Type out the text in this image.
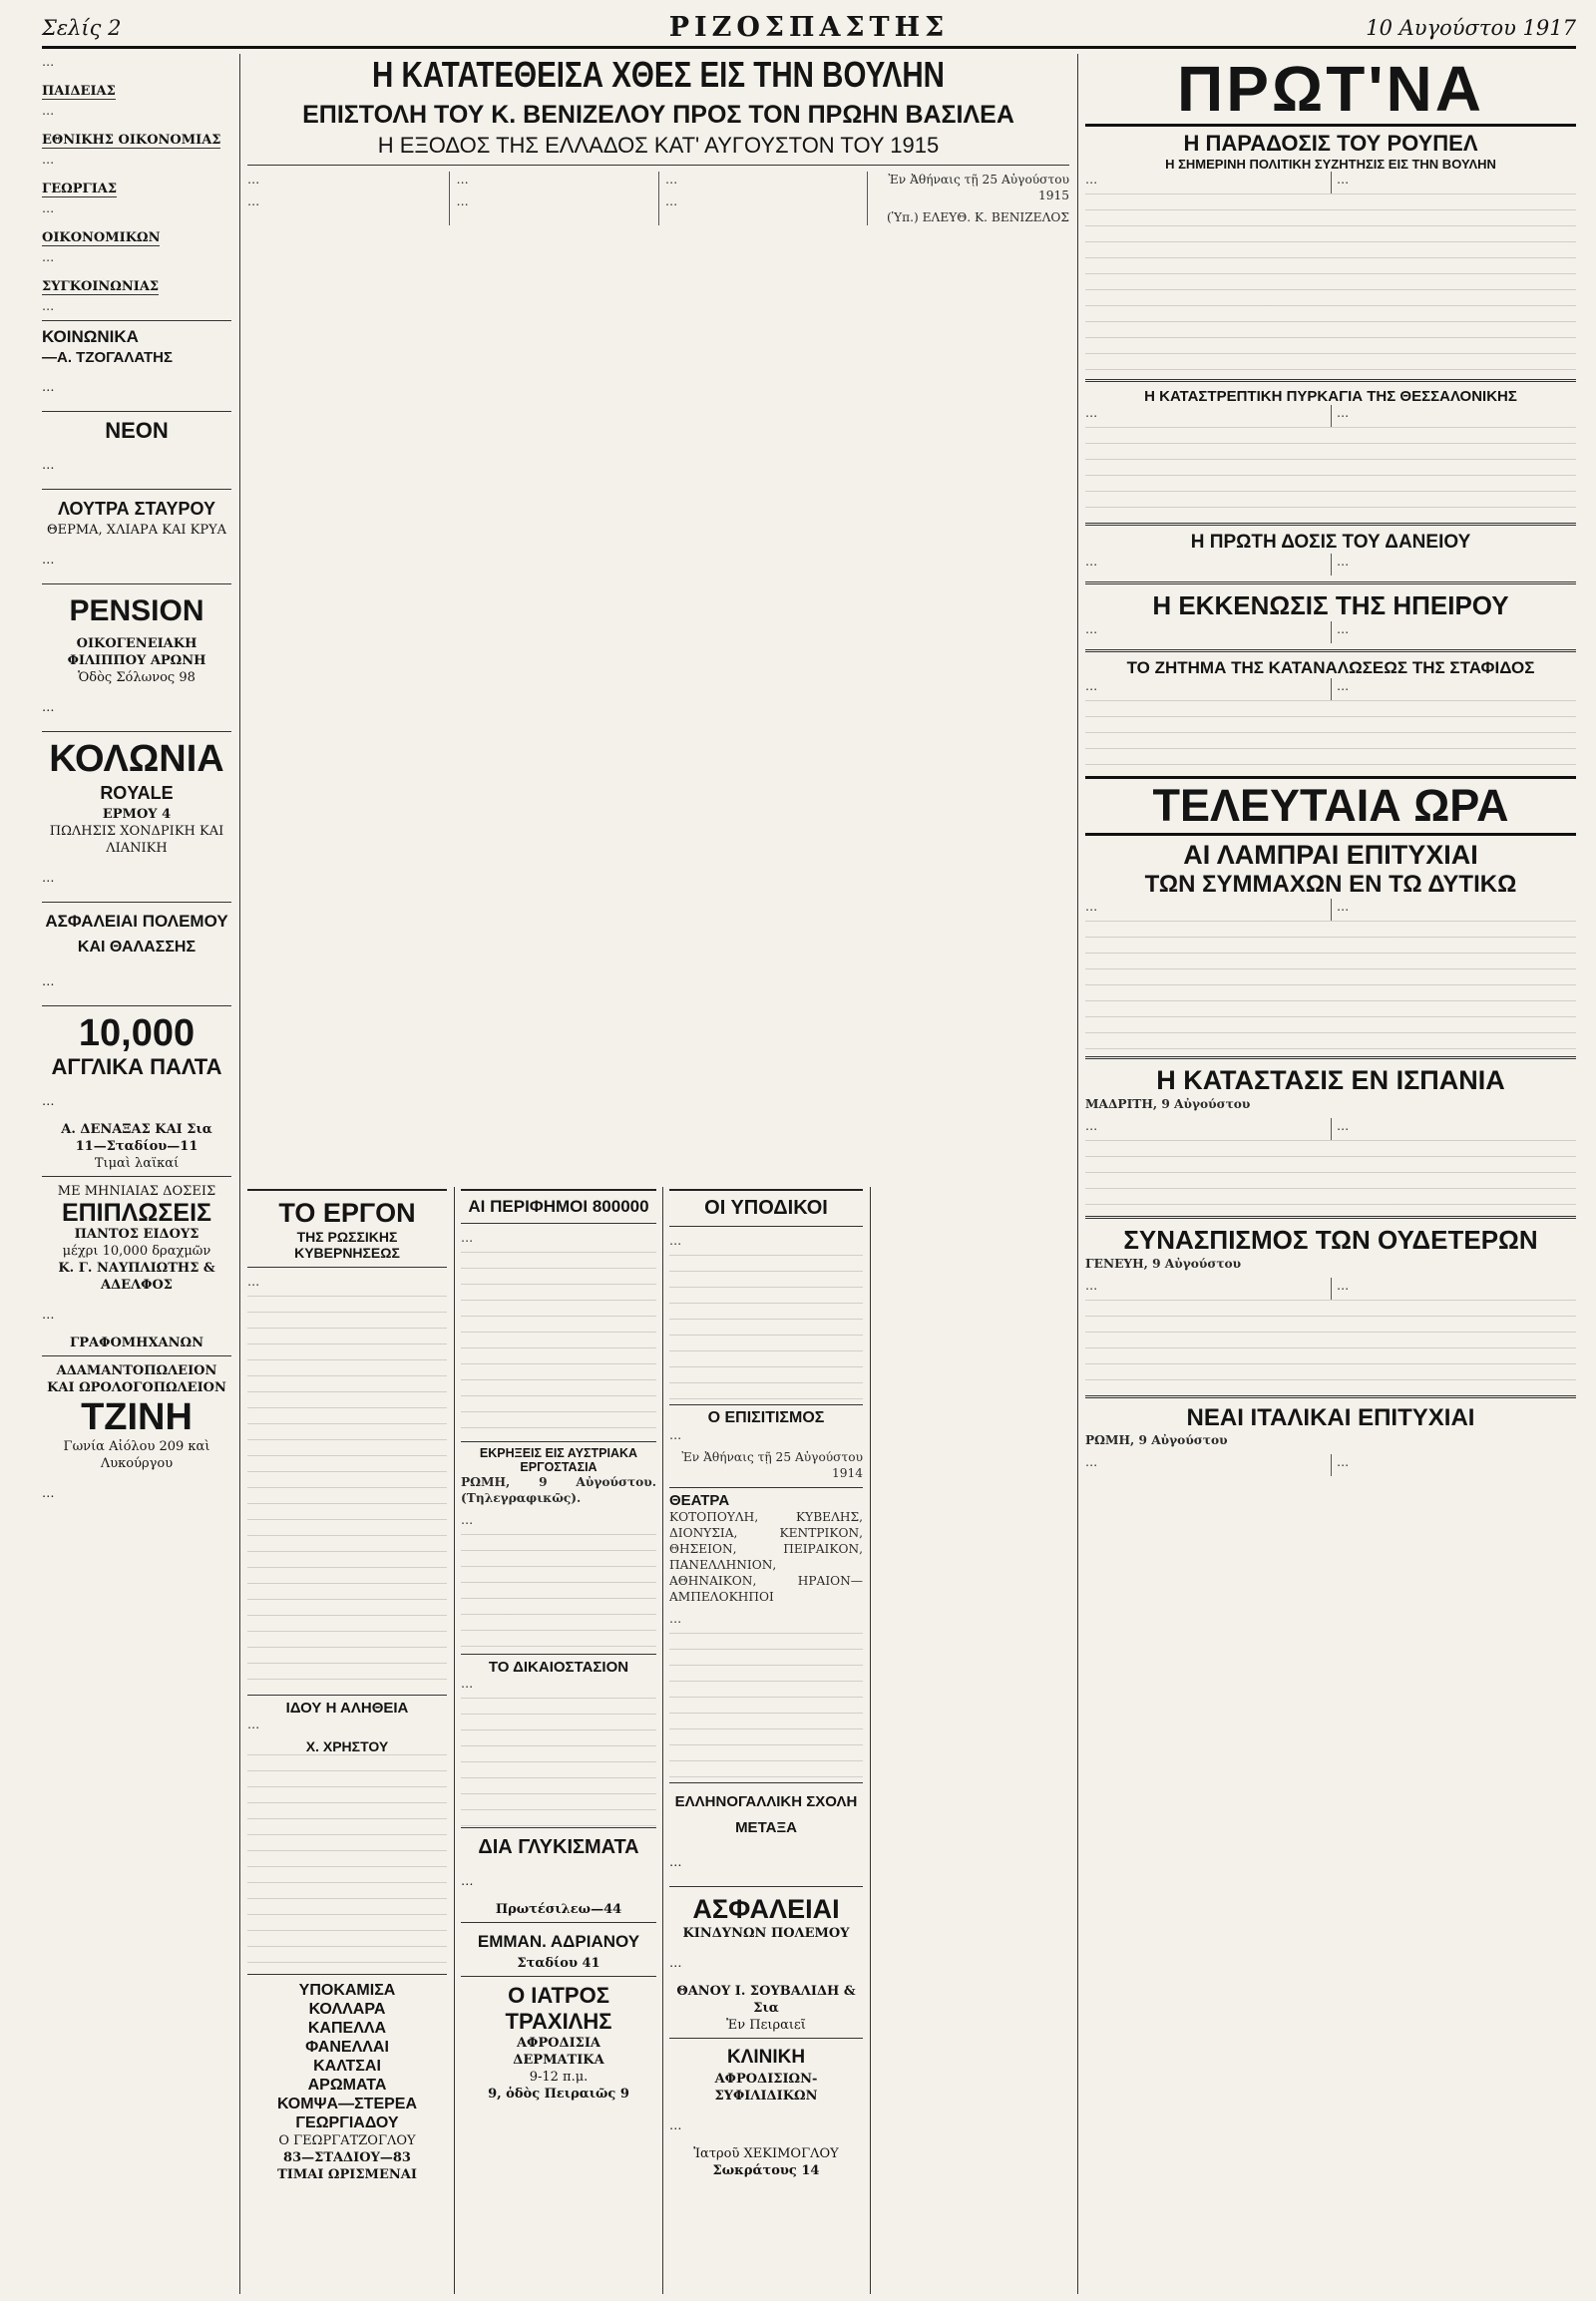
Σελίς 2	ΡΙΖΟΣΠΑΣΤΗΣ	10 Αυγούστου 1917

…

ΠΑΙΔΕΙΑΣ

…

ΕΘΝΙΚΗΣ ΟΙΚΟΝΟΜΙΑΣ

…

ΓΕΩΡΓΙΑΣ

…

ΟΙΚΟΝΟΜΙΚΩΝ

…

ΣΥΓΚΟΙΝΩΝΙΑΣ

…

ΚΟΙΝΩΝΙΚΑ
—Α. ΤΖΟΓΑΛΑΤΗΣ

…

ΝΕΟΝ

…

ΛΟΥΤΡΑ ΣΤΑΥΡΟΥ
ΘΕΡΜΑ, ΧΛΙΑΡΑ ΚΑΙ ΚΡΥΑ

…

PENSION ΟΙΚΟΓΕΝΕΙΑΚΗ
ΦΙΛΙΠΠΟΥ ΑΡΩΝΗ
Ὁδὸς Σόλωνος 98

…

ΚΟΛΩΝΙΑ
ROYALE
ΕΡΜΟΥ 4
ΠΩΛΗΣΙΣ ΧΟΝΔΡΙΚΗ ΚΑΙ ΛΙΑΝΙΚΗ

…

ΑΣΦΑΛΕΙΑΙ ΠΟΛΕΜΟΥ
ΚΑΙ ΘΑΛΑΣΣΗΣ

…

10,000
ΑΓΓΛΙΚΑ ΠΑΛΤΑ

…

Α. ΔΕΝΑΞΑΣ ΚΑΙ Σια
11—Σταδίου—11
Τιμαὶ λαϊκαί
ΜΕ ΜΗΝΙΑΙΑΣ ΔΟΣΕΙΣ
ΕΠΙΠΛΩΣΕΙΣ
ΠΑΝΤΟΣ ΕΙΔΟΥΣ
μέχρι 10,000 δραχμῶν
Κ. Γ. ΝΑΥΠΛΙΩΤΗΣ & ΑΔΕΛΦΟΣ

…

ΓΡΑΦΟΜΗΧΑΝΩΝ
ΑΔΑΜΑΝΤΟΠΩΛΕΙΟΝ
ΚΑΙ ΩΡΟΛΟΓΟΠΩΛΕΙΟΝ
ΤΖΙΝΗ
Γωνία Αἰόλου 209 καὶ Λυκούργου

…

Η ΚΑΤΑΤΕΘΕΙΣΑ ΧΘΕΣ ΕΙΣ ΤΗΝ ΒΟΥΛΗΝ
ΕΠΙΣΤΟΛΗ ΤΟΥ Κ. ΒΕΝΙΖΕΛΟΥ ΠΡΟΣ ΤΟΝ ΠΡΩΗΝ ΒΑΣΙΛΕΑ
Η ΕΞΟΔΟΣ ΤΗΣ ΕΛΛΑΔΟΣ ΚΑΤ' ΑΥΓΟΥΣΤΟΝ ΤΟΥ 1915

…

…

…

…

…

…

Ἐν Ἀθήναις τῇ 25 Αὐγούστου 1915

(Ὑπ.) ΕΛΕΥΘ. Κ. ΒΕΝΙΖΕΛΟΣ

ΤΟ ΕΡΓΟΝ
ΤΗΣ ΡΩΣΣΙΚΗΣ ΚΥΒΕΡΝΗΣΕΩΣ

…

ΙΔΟΥ Η ΑΛΗΘΕΙΑ

…

Χ. ΧΡΗΣΤΟΥ
ΥΠΟΚΑΜΙΣΑ
ΚΟΛΛΑΡΑ
ΚΑΠΕΛΛΑ
ΦΑΝΕΛΛΑΙ
ΚΑΛΤΣΑΙ
ΑΡΩΜΑΤΑ
ΚΟΜΨΑ—ΣΤΕΡΕΑ
ΓΕΩΡΓΙΑΔΟΥ
Ο ΓΕΩΡΓΑΤΖΟΓΛΟΥ
83—ΣΤΑΔΙΟΥ—83
ΤΙΜΑΙ ΩΡΙΣΜΕΝΑΙ
ΑΙ ΠΕΡΙΦΗΜΟΙ 800000

…

ΕΚΡΗΞΕΙΣ ΕΙΣ ΑΥΣΤΡΙΑΚΑ ΕΡΓΟΣΤΑΣΙΑ
ΡΩΜΗ, 9 Αὐγούστου. (Τηλεγραφικῶς).

…

ΤΟ ΔΙΚΑΙΟΣΤΑΣΙΟΝ

…

ΔΙΑ ΓΛΥΚΙΣΜΑΤΑ

…

Πρωτέσιλεω—44
ΕΜΜΑΝ. ΑΔΡΙΑΝΟΥ
Σταδίου 41
Ο ΙΑΤΡΟΣ ΤΡΑΧΙΛΗΣ
ΑΦΡΟΔΙΣΙΑ
ΔΕΡΜΑΤΙΚΑ
9-12 π.μ.
9, ὁδὸς Πειραιῶς 9
ΟΙ ΥΠΟΔΙΚΟΙ

…

Ο ΕΠΙΣΙΤΙΣΜΟΣ

…

Ἐν Ἀθήναις τῇ 25 Αὐγούστου 1914
ΘΕΑΤΡΑ

ΚΟΤΟΠΟΥΛΗ, ΚΥΒΕΛΗΣ, ΔΙΟΝΥΣΙΑ, ΚΕΝΤΡΙΚΟΝ, ΘΗΣΕΙΟΝ, ΠΕΙΡΑΙΚΟΝ, ΠΑΝΕΛΛΗΝΙΟΝ, ΑΘΗΝΑΙΚΟΝ, ΗΡΑΙΟΝ—ΑΜΠΕΛΟΚΗΠΟΙ

…

ΕΛΛΗΝΟΓΑΛΛΙΚΗ ΣΧΟΛΗ
ΜΕΤΑΞΑ

…

ΑΣΦΑΛΕΙΑΙ
ΚΙΝΔΥΝΩΝ ΠΟΛΕΜΟΥ

…

ΘΑΝΟΥ Ι. ΣΟΥΒΑΛΙΔΗ & Σια
Ἐν Πειραιεῖ
ΚΛΙΝΙΚΗ
ΑΦΡΟΔΙΣΙΩΝ-ΣΥΦΙΛΙΔΙΚΩΝ

…

Ἰατροῦ ΧΕΚΙΜΟΓΛΟΥ
Σωκράτους 14
ΠΡΩΤ'ΝΑ
Η ΠΑΡΑΔΟΣΙΣ ΤΟΥ ΡΟΥΠΕΛ
Η ΣΗΜΕΡΙΝΗ ΠΟΛΙΤΙΚΗ ΣΥΖΗΤΗΣΙΣ ΕΙΣ ΤΗΝ ΒΟΥΛΗΝ

…	…

Η ΚΑΤΑΣΤΡΕΠΤΙΚΗ ΠΥΡΚΑΓΙΑ ΤΗΣ ΘΕΣΣΑΛΟΝΙΚΗΣ

…	…

Η ΠΡΩΤΗ ΔΟΣΙΣ ΤΟΥ ΔΑΝΕΙΟΥ

…	…

Η ΕΚΚΕΝΩΣΙΣ ΤΗΣ ΗΠΕΙΡΟΥ

…	…

ΤΟ ΖΗΤΗΜΑ ΤΗΣ ΚΑΤΑΝΑΛΩΣΕΩΣ ΤΗΣ ΣΤΑΦΙΔΟΣ

…	…

ΤΕΛΕΥΤΑΙΑ ΩΡΑ
ΑΙ ΛΑΜΠΡΑΙ ΕΠΙΤΥΧΙΑΙ
ΤΩΝ ΣΥΜΜΑΧΩΝ ΕΝ ΤΩ ΔΥΤΙΚΩ

…	…

Η ΚΑΤΑΣΤΑΣΙΣ ΕΝ ΙΣΠΑΝΙΑ
ΜΑΔΡΙΤΗ, 9 Αὐγούστου

…	…

ΣΥΝΑΣΠΙΣΜΟΣ ΤΩΝ ΟΥΔΕΤΕΡΩΝ
ΓΕΝΕΥΗ, 9 Αὐγούστου

…	…

ΝΕΑΙ ΙΤΑΛΙΚΑΙ ΕΠΙΤΥΧΙΑΙ
ΡΩΜΗ, 9 Αὐγούστου

…	…
